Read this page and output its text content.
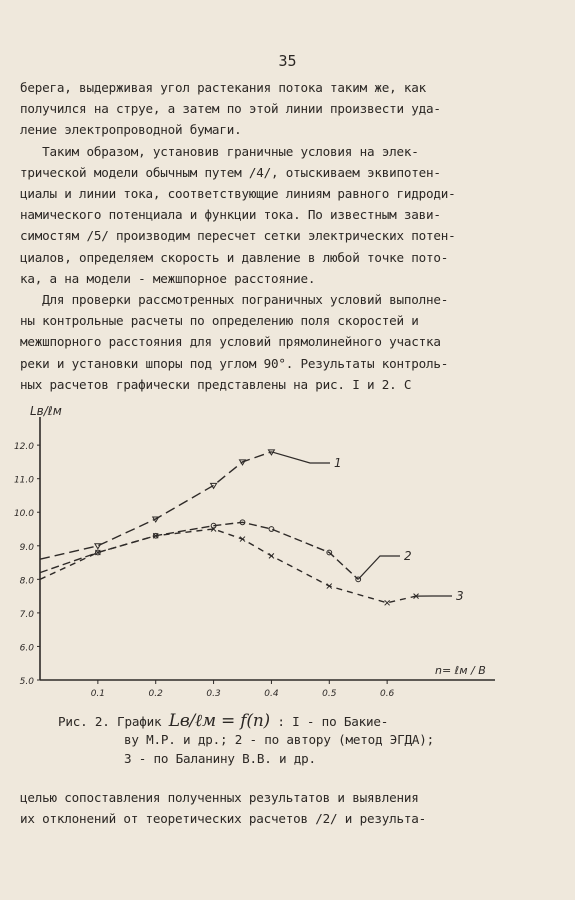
35
берега, выдерживая угол растекания потока таким же, как
получился на струе, а затем по этой линии произвести уда-
ление электропроводной бумаги.
Таким образом, установив граничные условия на элек-
трической модели обычным путем /4/, отыскиваем эквипотен-
циалы и линии тока, соответствующие линиям равного гидроди-
намического потенциала и функции тока. По известным зави-
симостям /5/ производим пересчет сетки электрических потен-
циалов, определяем скорость и давление в любой точке пото-
ка, а на модели - межшпорное расстояние.
Для проверки рассмотренных пограничных условий выполне-
ны контрольные расчеты по определению поля скоростей и
межшпорного расстояния для условий прямолинейного участка
реки и установки шпоры под углом 90°. Результаты контроль-
ных расчетов графически представлены на рис. I и 2. С
12.0
11.0
10.0
9.0
8.0
7.0
6.0
5.0
0.1	0.2	0.3	0.4	0.5	0.6
1
2
3
Lв/ℓм
n= ℓм / B
Рис. 2. График Lв/ℓм = f(n) : I - по Бакие-
ву М.Р. и др.; 2 - по автору (метод ЭГДА);
3 - по Баланину В.В. и др.
целью сопоставления полученных результатов и выявления
их отклонений от теоретических расчетов /2/ и результа-
